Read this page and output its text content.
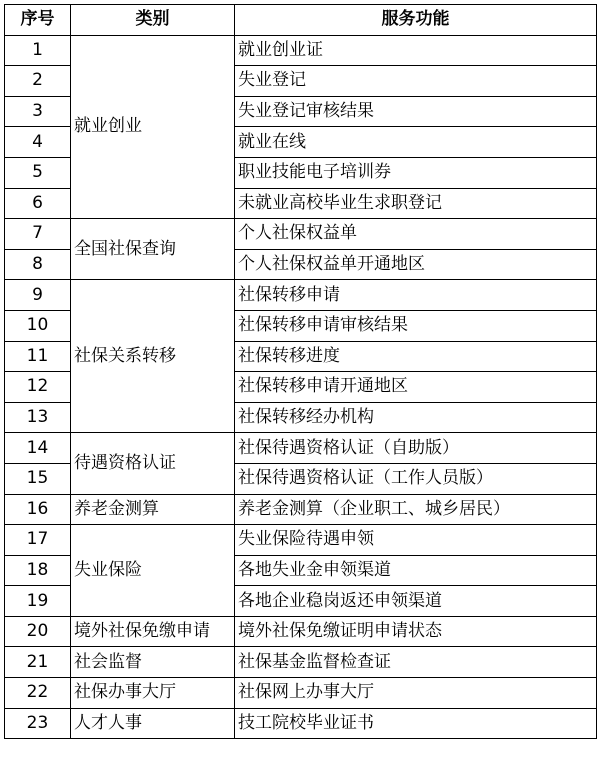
序号	类别	服务功能
1	就业创业	就业创业证
2		失业登记
3		失业登记审核结果
4		就业在线
5		职业技能电子培训券
6		未就业高校毕业生求职登记
7	全国社保查询	个人社保权益单
8		个人社保权益单开通地区
9	社保关系转移	社保转移申请
10		社保转移申请审核结果
11		社保转移进度
12		社保转移申请开通地区
13		社保转移经办机构
14	待遇资格认证	社保待遇资格认证（自助版）
15		社保待遇资格认证（工作人员版）
16	养老金测算	养老金测算（企业职工、城乡居民）
17	失业保险	失业保险待遇申领
18		各地失业金申领渠道
19		各地企业稳岗返还申领渠道
20	境外社保免缴申请	境外社保免缴证明申请状态
21	社会监督	社保基金监督检查证
22	社保办事大厅	社保网上办事大厅
23	人才人事	技工院校毕业证书
